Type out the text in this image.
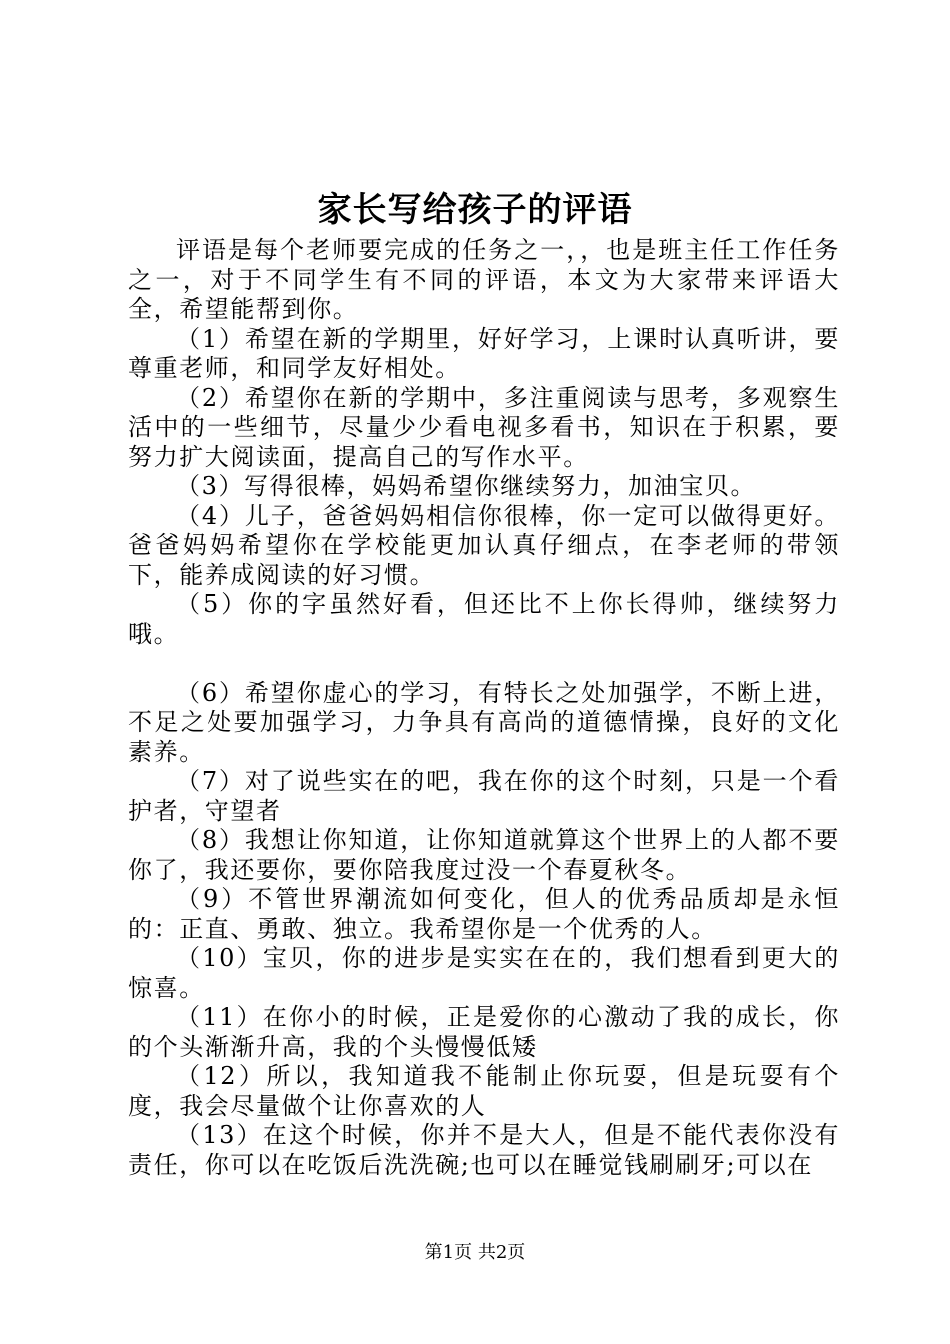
家长写给孩子的评语

评语是每个老师要完成的任务之一，，也是班主任工作任务之一，对于不同学生有不同的评语，本文为大家带来评语大全，希望能帮到你。

（1）希望在新的学期里，好好学习，上课时认真听讲，要尊重老师，和同学友好相处。

（2）希望你在新的学期中，多注重阅读与思考，多观察生活中的一些细节，尽量少少看电视多看书，知识在于积累，要努力扩大阅读面，提高自己的写作水平。

（3）写得很棒，妈妈希望你继续努力，加油宝贝。

（4）儿子，爸爸妈妈相信你很棒，你一定可以做得更好。爸爸妈妈希望你在学校能更加认真仔细点，在李老师的带领下，能养成阅读的好习惯。

（5）你的字虽然好看，但还比不上你长得帅，继续努力哦。

（6）希望你虚心的学习，有特长之处加强学，不断上进，不足之处要加强学习，力争具有高尚的道德情操，良好的文化素养。

（7）对了说些实在的吧，我在你的这个时刻，只是一个看护者，守望者

（8）我想让你知道，让你知道就算这个世界上的人都不要你了，我还要你，要你陪我度过没一个春夏秋冬。

（9）不管世界潮流如何变化，但人的优秀品质却是永恒的：正直、勇敢、独立。我希望你是一个优秀的人。

（10）宝贝，你的进步是实实在在的，我们想看到更大的惊喜。

（11）在你小的时候，正是爱你的心激动了我的成长，你的个头渐渐升高，我的个头慢慢低矮

（12）所以，我知道我不能制止你玩耍，但是玩耍有个度，我会尽量做个让你喜欢的人

（13）在这个时候，你并不是大人，但是不能代表你没有责任，你可以在吃饭后洗洗碗;也可以在睡觉钱刷刷牙;可以在

第1页 共2页
